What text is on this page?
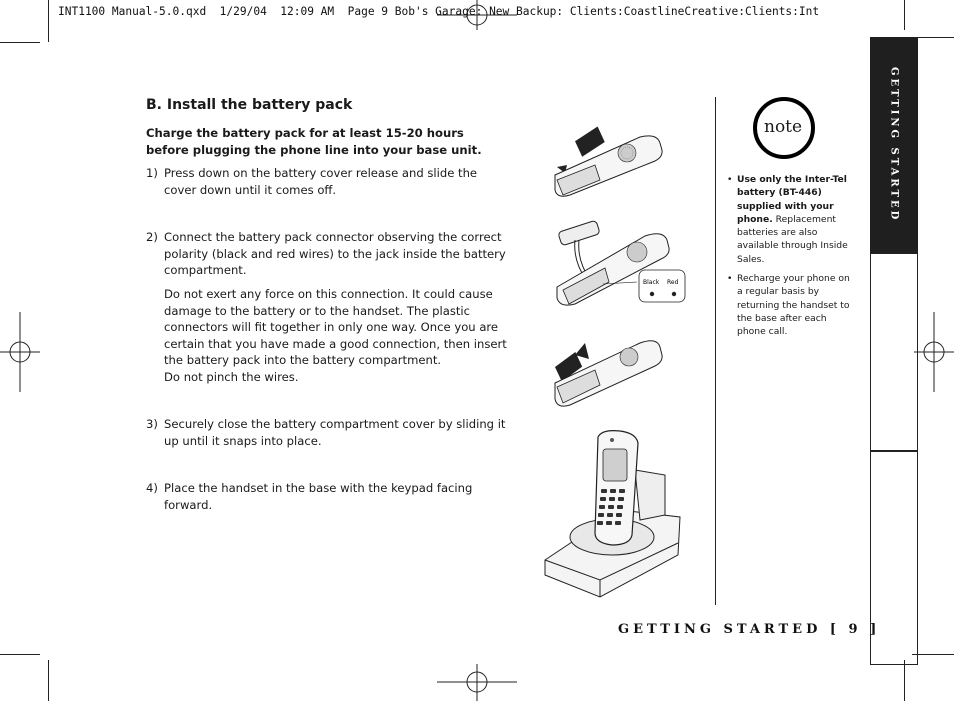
INT1100 Manual-5.0.qxd  1/29/04  12:09 AM  Page 9 Bob's Garage: New Backup: Clients:CoastlineCreative:Clients:Int
B. Install the battery pack
Charge the battery pack for at least 15-20 hours before plugging the phone line into your base unit.
1) Press down on the battery cover release and slide the cover down until it comes off.
2) Connect the battery pack connector observing the correct polarity (black and red wires) to the jack inside the battery compartment.
Do not exert any force on this connection. It could cause damage to the battery or to the handset. The plastic connectors will fit together in only one way. Once you are certain that you have made a good connection, then insert the battery pack into the battery compartment.
Do not pinch the wires.
3) Securely close the battery compartment cover by sliding it up until it snaps into place.
4) Place the handset in the base with the keypad facing forward.
Black Red
note
• Use only the Inter-Tel battery (BT-446) supplied with your phone. Replacement batteries are also available through Inside Sales.
• Recharge your phone on a regular basis by returning the handset to the base after each phone call.
GETTING STARTED
GETTING STARTED [ 9 ]
